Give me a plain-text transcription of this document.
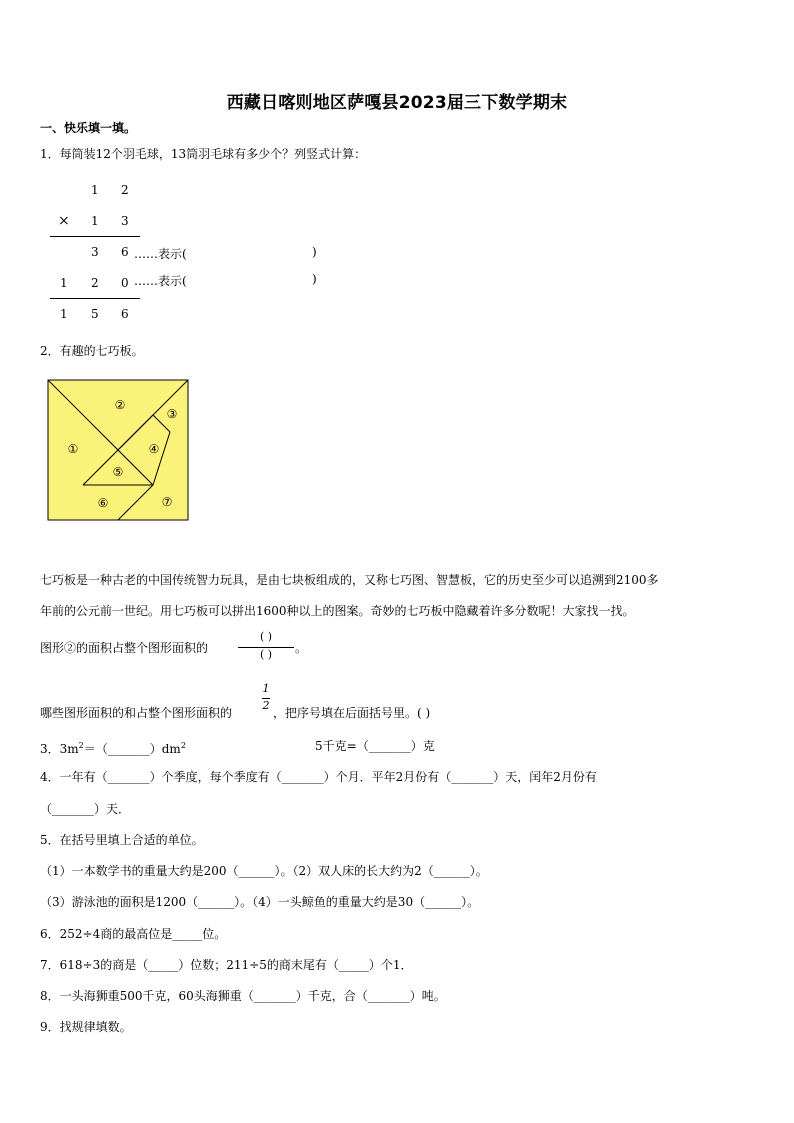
西藏日喀则地区萨嘎县2023届三下数学期末
一、快乐填一填。
1．每筒装12个羽毛球，13筒羽毛球有多少个？列竖式计算：
1 2
× 1 3
3 6 ……表示(	)
1 2 0 ……表示(	)
1 5 6
2．有趣的七巧板。
①
②
③
④
⑤
⑥	⑦
七巧板是一种古老的中国传统智力玩具，是由七块板组成的，又称七巧图、智慧板，它的历史至少可以追溯到2100多
年前的公元前一世纪。用七巧板可以拼出1600种以上的图案。奇妙的七巧板中隐藏着许多分数呢！大家找一找。
图形②的面积占整个图形面积的
( )
( )	。
哪些图形面积的和占整个图形面积的
1
2
，把序号填在后面括号里。( )
3．$3m^2=(\_\_\_\_\_\_\_)dm^2$	5千克=（_______）克
4．一年有（_______）个季度，每个季度有（_______）个月．平年2月份有（_______）天，闰年2月份有
（_______）天．
5．在括号里填上合适的单位。
（1）一本数学书的重量大约是200（______）。（2）双人床的长大约为2（______）。
（3）游泳池的面积是1200（______）。（4）一头鲸鱼的重量大约是30（______）。
6．252÷4商的最高位是_____位。
7．618÷3的商是（_____）位数；211÷5的商末尾有（_____）个1．
8．一头海狮重500千克，60头海狮重（_______）千克，合（_______）吨。
9．找规律填数。
